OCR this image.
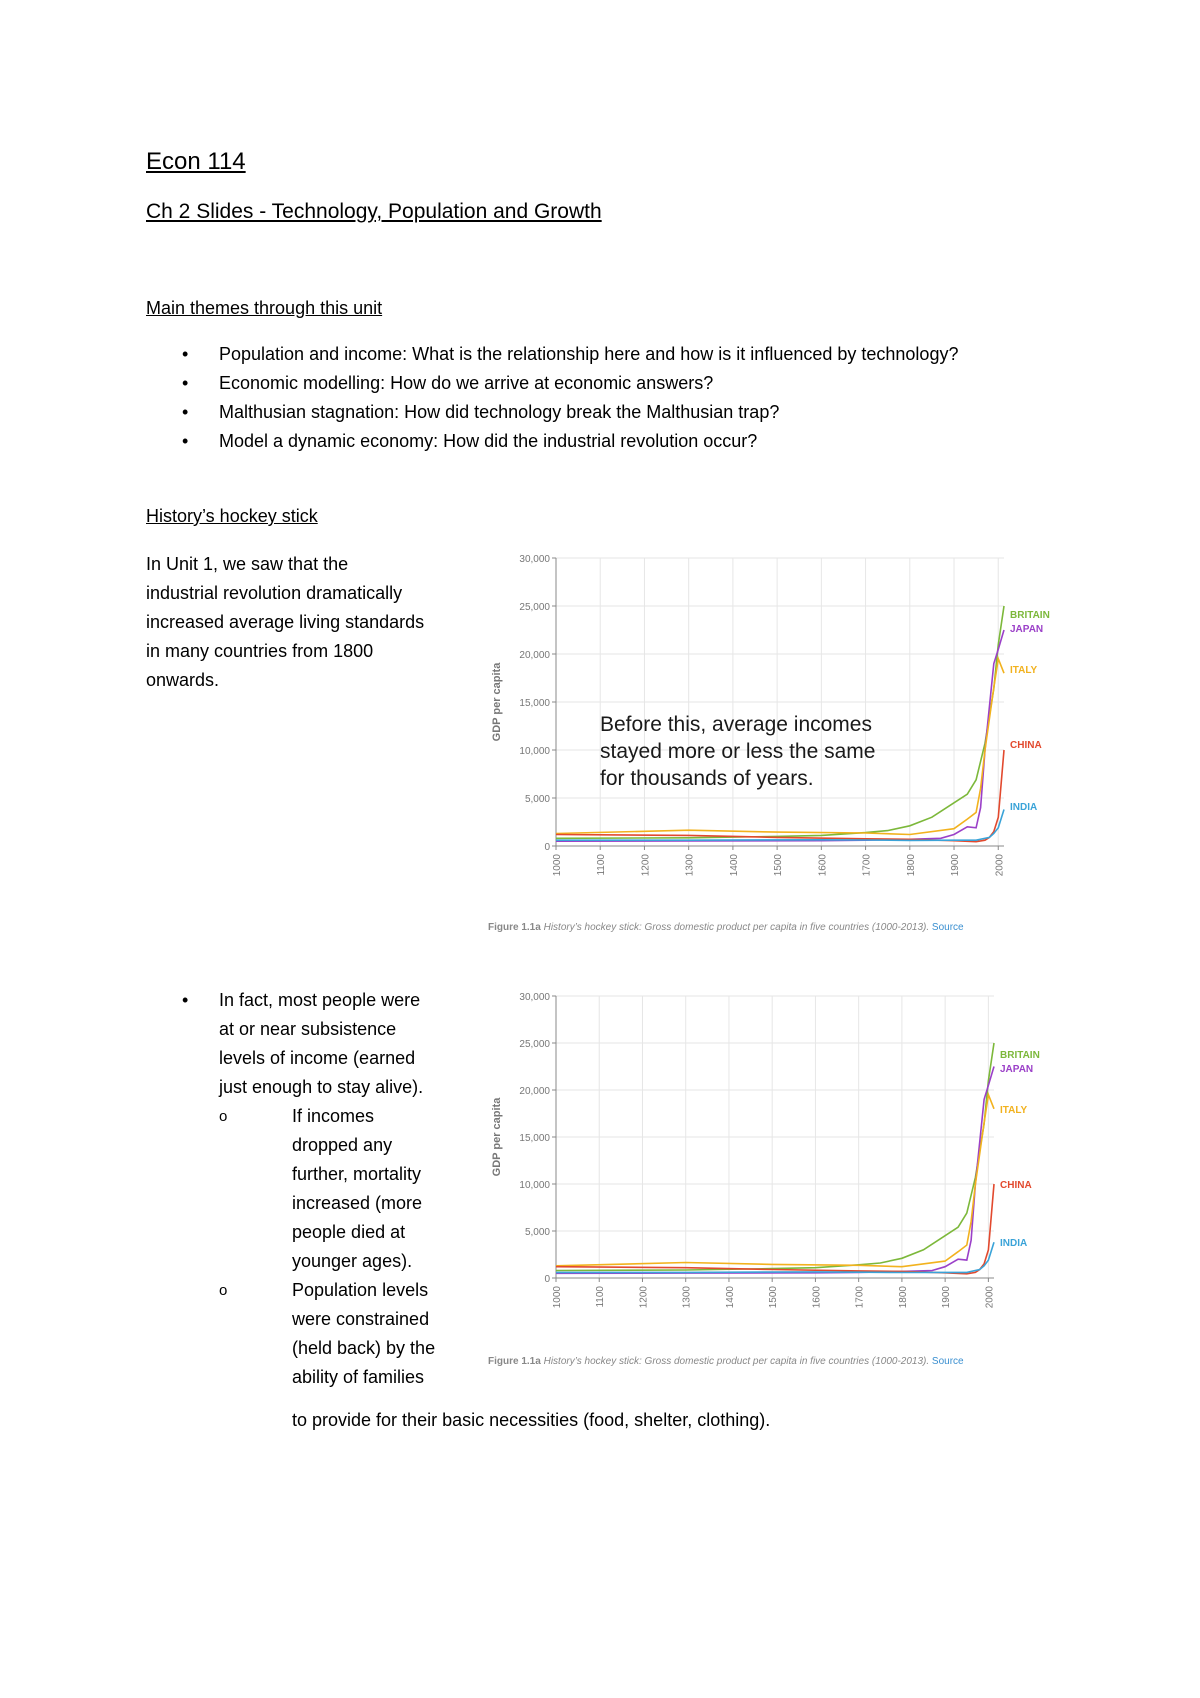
Econ 114
Ch 2 Slides - Technology, Population and Growth
Main themes through this unit
• Population and income: What is the relationship here and how is it influenced by technology?
• Economic modelling: How do we arrive at economic answers?
• Malthusian stagnation: How did technology break the Malthusian trap?
• Model a dynamic economy: How did the industrial revolution occur?
History’s hockey stick
In Unit 1, we saw that the
industrial revolution dramatically
increased average living standards
in many countries from 1800
onwards.
0
5,000
10,000
15,000
20,000
25,000
30,000
1000	1100	1200	1300	1400	1500	1600	1700	1800	1900	2000
GDP per capita
BRITAIN
JAPAN
ITALY
CHINA
INDIA
Figure 1.1a History’s hockey stick: Gross domestic product per capita in five countries (1000-2013). Source
Before this, average incomes
stayed more or less the same
for thousands of years.
• In fact, most people were
at or near subsistence
levels of income (earned
just enough to stay alive).
o	If incomes
dropped any
further, mortality
increased (more
people died at
younger ages).
o	Population levels
were constrained
(held back) by the
ability of families
to provide for their basic necessities (food, shelter, clothing).
0
5,000
10,000
15,000
20,000
25,000
30,000
1000	1100	1200	1300	1400	1500	1600	1700	1800	1900	2000
GDP per capita
BRITAIN
JAPAN
ITALY
CHINA
INDIA
Figure 1.1a History’s hockey stick: Gross domestic product per capita in five countries (1000-2013). Source
